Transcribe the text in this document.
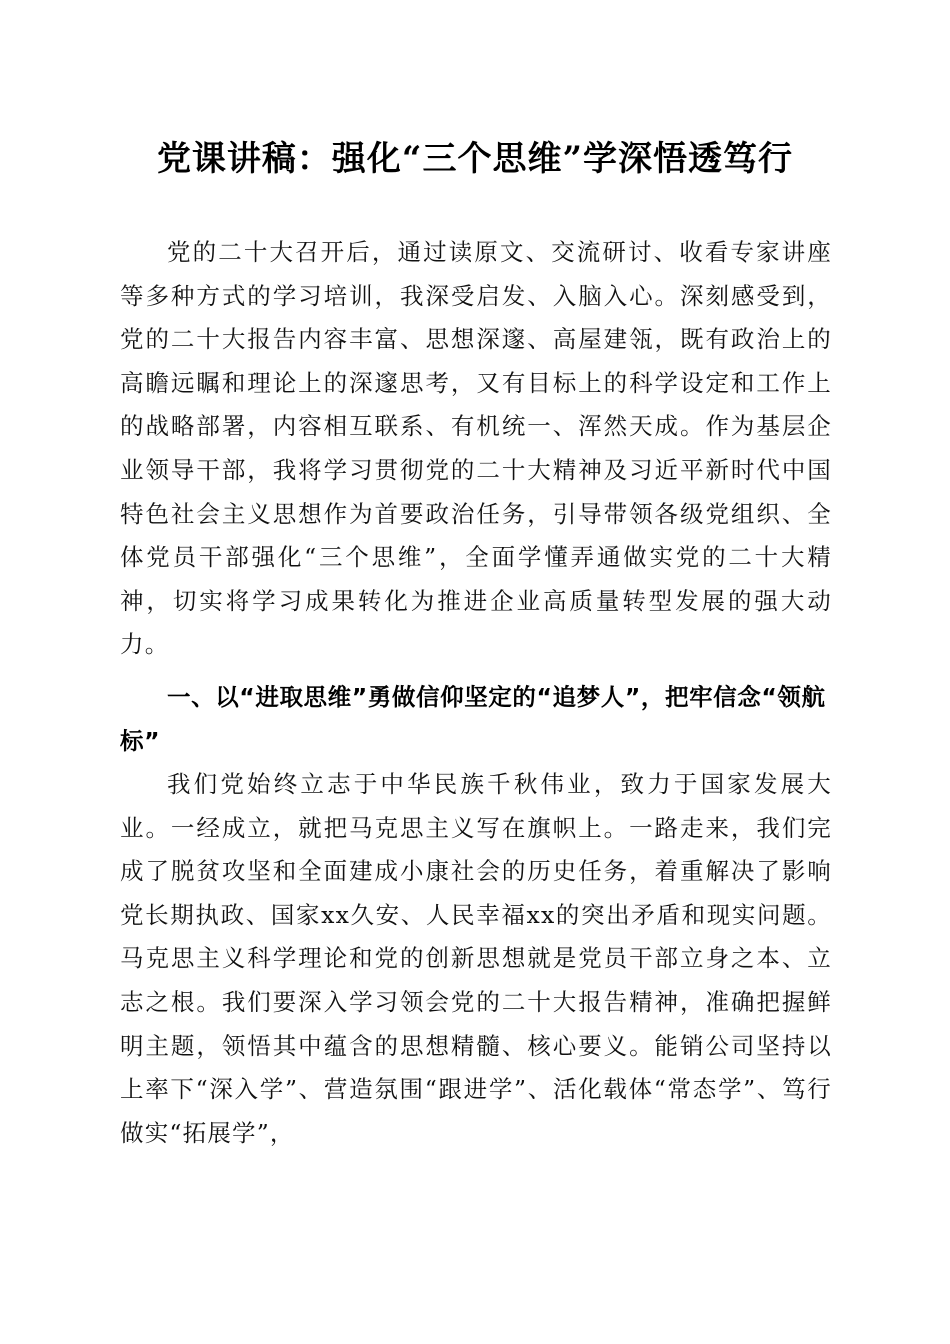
党课讲稿：强化“三个思维”学深悟透笃行

党的二十大召开后，通过读原文、交流研讨、收看专家讲座等多种方式的学习培训，我深受启发、入脑入心。深刻感受到，党的二十大报告内容丰富、思想深邃、高屋建瓴，既有政治上的高瞻远瞩和理论上的深邃思考，又有目标上的科学设定和工作上的战略部署，内容相互联系、有机统一、浑然天成。作为基层企业领导干部，我将学习贯彻党的二十大精神及习近平新时代中国特色社会主义思想作为首要政治任务，引导带领各级党组织、全体党员干部强化“三个思维”，全面学懂弄通做实党的二十大精神，切实将学习成果转化为推进企业高质量转型发展的强大动力。

一、以“进取思维”勇做信仰坚定的“追梦人”，把牢信念“领航标”

我们党始终立志于中华民族千秋伟业，致力于国家发展大业。一经成立，就把马克思主义写在旗帜上。一路走来，我们完成了脱贫攻坚和全面建成小康社会的历史任务，着重解决了影响党长期执政、国家xx久安、人民幸福xx的突出矛盾和现实问题。马克思主义科学理论和党的创新思想就是党员干部立身之本、立志之根。我们要深入学习领会党的二十大报告精神，准确把握鲜明主题，领悟其中蕴含的思想精髓、核心要义。能销公司坚持以上率下“深入学”、营造氛围“跟进学”、活化载体“常态学”、笃行做实“拓展学”，
